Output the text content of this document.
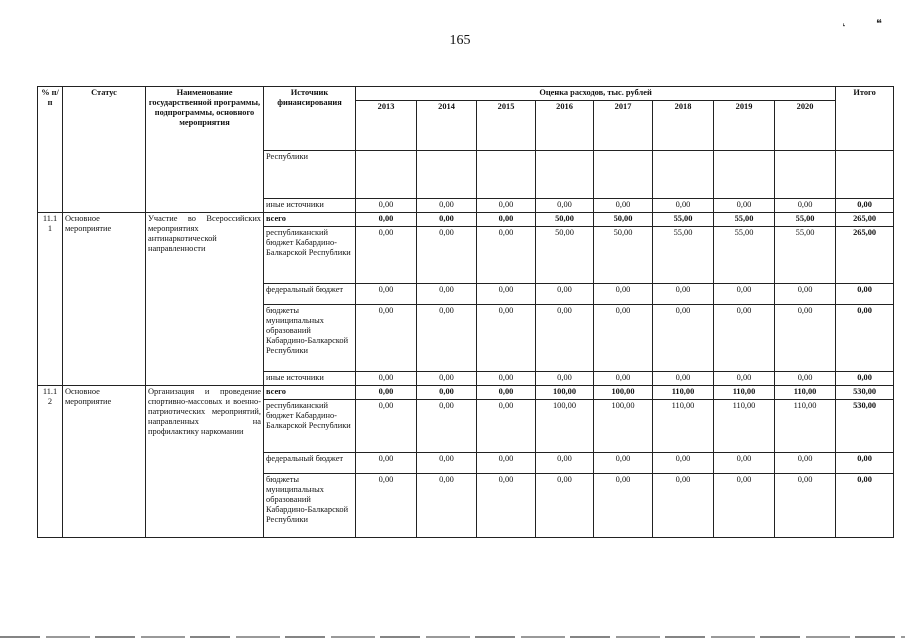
165
ʻ ❝
% п/п	Статус	Наименование государственной программы, подпрограммы, основного мероприятия	Источник финансирования	Оценка расходов, тыс. рублей								Итого
				2013	2014	2015	2016	2017	2018	2019	2020	
			Республики									
			иные источники	0,00	0,00	0,00	0,00	0,00	0,00	0,00	0,00	0,00
11.1 1	Основное мероприятие	Участие во Всероссийских мероприятиях антинаркотической направленности	всего	0,00	0,00	0,00	50,00	50,00	55,00	55,00	55,00	265,00
			республиканский бюджет Кабардино-Балкарской Республики	0,00	0,00	0,00	50,00	50,00	55,00	55,00	55,00	265,00
			федеральный бюджет	0,00	0,00	0,00	0,00	0,00	0,00	0,00	0,00	0,00
			бюджеты муниципальных образований Кабардино-Балкарской Республики	0,00	0,00	0,00	0,00	0,00	0,00	0,00	0,00	0,00
			иные источники	0,00	0,00	0,00	0,00	0,00	0,00	0,00	0,00	0,00
11.1 2	Основное мероприятие	Организация и проведение спортивно-массовых и военно-патриотических мероприятий, направленных на профилактику наркомании	всего	0,00	0,00	0,00	100,00	100,00	110,00	110,00	110,00	530,00
			республиканский бюджет Кабардино-Балкарской Республики	0,00	0,00	0,00	100,00	100,00	110,00	110,00	110,00	530,00
			федеральный бюджет	0,00	0,00	0,00	0,00	0,00	0,00	0,00	0,00	0,00
			бюджеты муниципальных образований Кабардино-Балкарской Республики	0,00	0,00	0,00	0,00	0,00	0,00	0,00	0,00	0,00
